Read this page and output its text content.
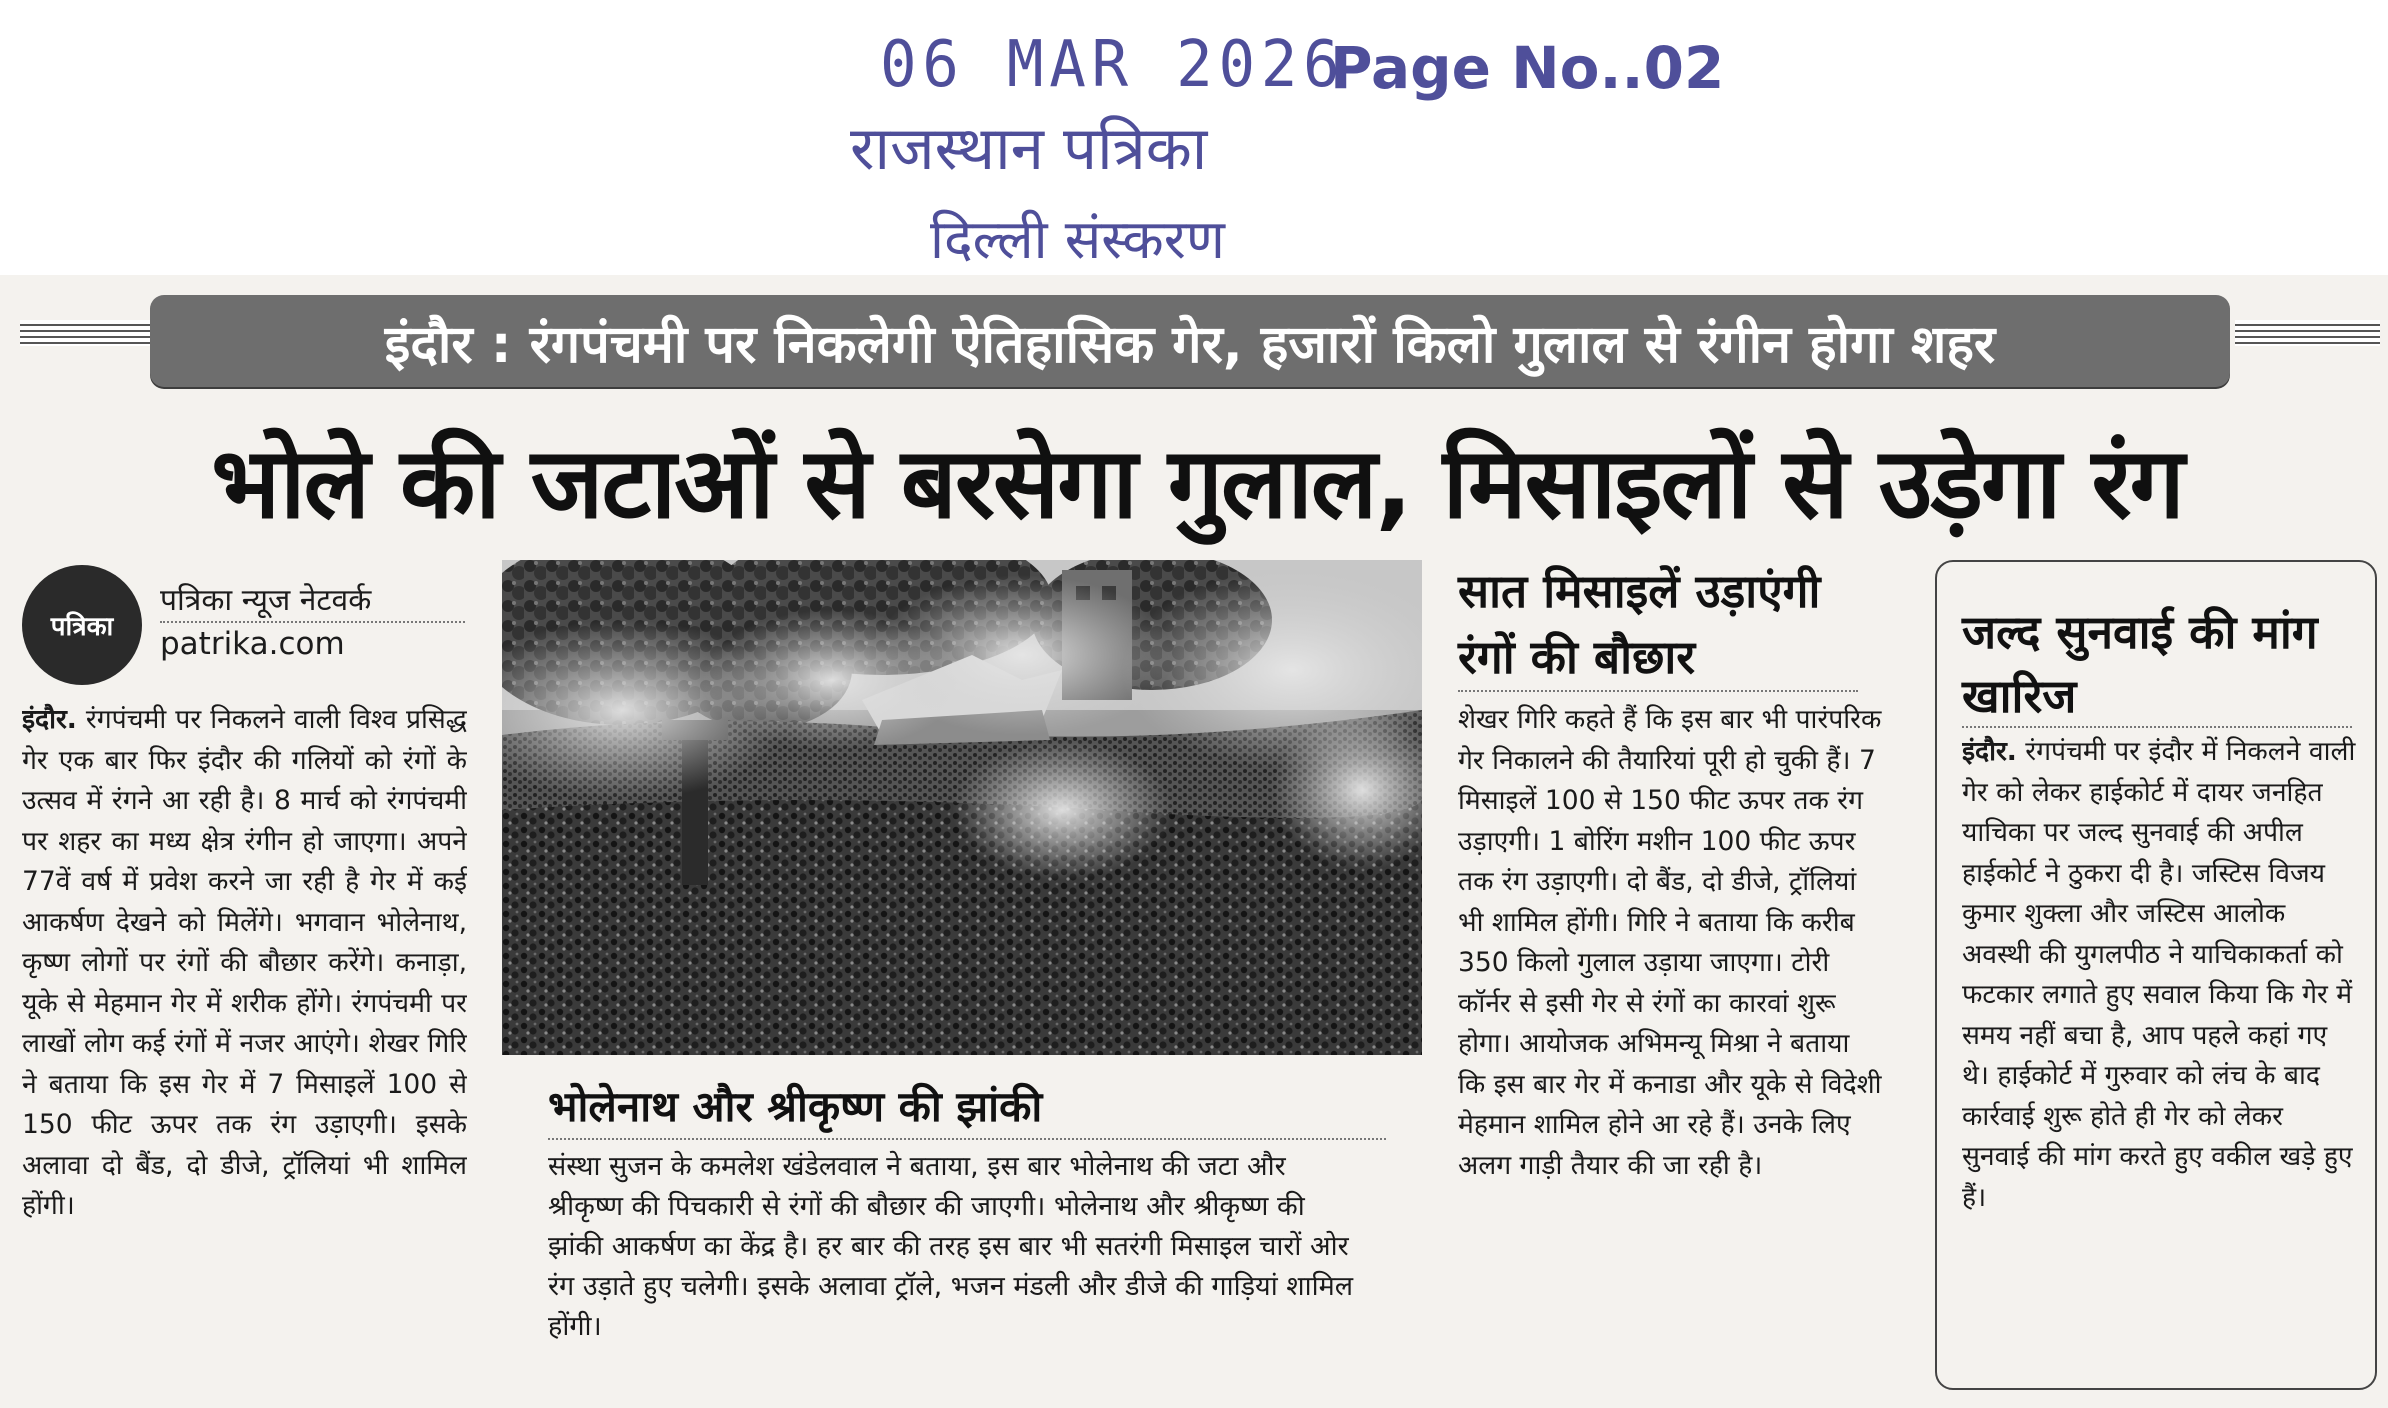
06 MAR 2026
Page No..02
राजस्थान पत्रिका
दिल्ली संस्करण
इंदौर : रंगपंचमी पर निकलेगी ऐतिहासिक गेर, हजारों किलो गुलाल से रंगीन होगा शहर
भोले की जटाओं से बरसेगा गुलाल, मिसाइलों से उड़ेगा रंग
पत्रिका
पत्रिका न्यूज नेटवर्क
patrika.com
इंदौर. रंगपंचमी पर निकलने वाली विश्व प्रसिद्ध गेर एक बार फिर इंदौर की गलियों को रंगों के उत्सव में रंगने आ रही है। 8 मार्च को रंगपंचमी पर शहर का मध्य क्षेत्र रंगीन हो जाएगा। अपने 77वें वर्ष में प्रवेश करने जा रही है गेर में कई आकर्षण देखने को मिलेंगे। भगवान भोलेनाथ, कृष्ण लोगों पर रंगों की बौछार करेंगे। कनाड़ा, यूके से मेहमान गेर में शरीक होंगे। रंगपंचमी पर लाखों लोग कई रंगों में नजर आएंगे। शेखर गिरि ने बताया कि इस गेर में 7 मिसाइलें 100 से 150 फीट ऊपर तक रंग उड़ाएगी। इसके अलावा दो बैंड, दो डीजे, ट्रॉलियां भी शामिल होंगी।
भोलेनाथ और श्रीकृष्ण की झांकी
संस्था सुजन के कमलेश खंडेलवाल ने बताया, इस बार भोलेनाथ की जटा और श्रीकृष्ण की पिचकारी से रंगों की बौछार की जाएगी। भोलेनाथ और श्रीकृष्ण की झांकी आकर्षण का केंद्र है। हर बार की तरह इस बार भी सतरंगी मिसाइल चारों ओर रंग उड़ाते हुए चलेगी। इसके अलावा ट्रॉले, भजन मंडली और डीजे की गाड़ियां शामिल होंगी।
सात मिसाइलें उड़ाएंगी रंगों की बौछार
शेखर गिरि कहते हैं कि इस बार भी पारंपरिक गेर निकालने की तैयारियां पूरी हो चुकी हैं। 7 मिसाइलें 100 से 150 फीट ऊपर तक रंग उड़ाएगी। 1 बोरिंग मशीन 100 फीट ऊपर तक रंग उड़ाएगी। दो बैंड, दो डीजे, ट्रॉलियां भी शामिल होंगी। गिरि ने बताया कि करीब 350 किलो गुलाल उड़ाया जाएगा। टोरी कॉर्नर से इसी गेर से रंगों का कारवां शुरू होगा। आयोजक अभिमन्यू मिश्रा ने बताया कि इस बार गेर में कनाडा और यूके से विदेशी मेहमान शामिल होने आ रहे हैं। उनके लिए अलग गाड़ी तैयार की जा रही है।
जल्द सुनवाई की मांग खारिज
इंदौर. रंगपंचमी पर इंदौर में निकलने वाली गेर को लेकर हाईकोर्ट में दायर जनहित याचिका पर जल्द सुनवाई की अपील हाईकोर्ट ने ठुकरा दी है। जस्टिस विजय कुमार शुक्ला और जस्टिस आलोक अवस्थी की युगलपीठ ने याचिकाकर्ता को फटकार लगाते हुए सवाल किया कि गेर में समय नहीं बचा है, आप पहले कहां गए थे। हाईकोर्ट में गुरुवार को लंच के बाद कार्रवाई शुरू होते ही गेर को लेकर सुनवाई की मांग करते हुए वकील खड़े हुए हैं।
